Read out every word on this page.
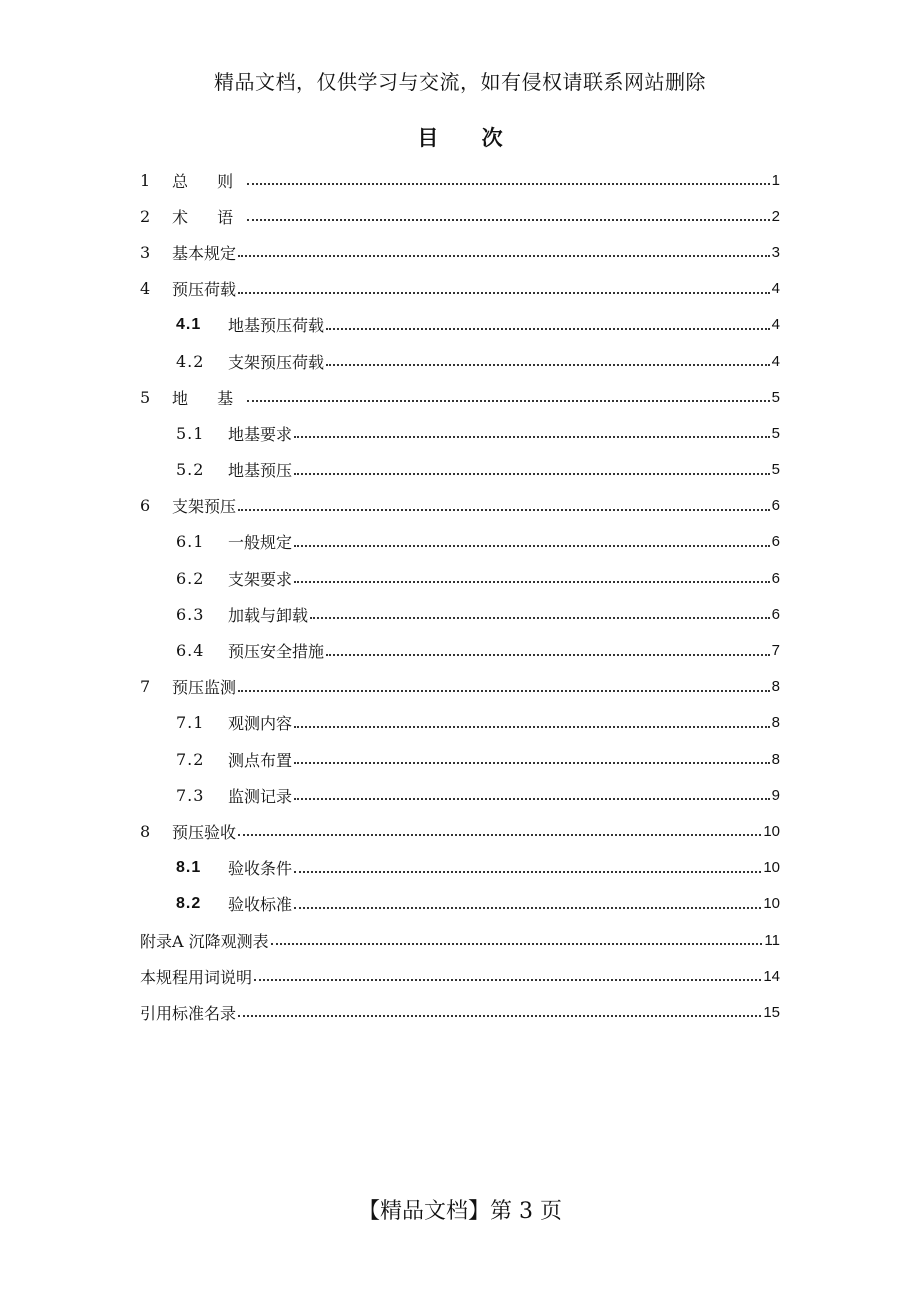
精品文档，仅供学习与交流，如有侵权请联系网站删除
目 次
1	总 则	1
2	术 语	2
3	基本规定	3
4	预压荷载	4
4.1	地基预压荷载	4
4.2	支架预压荷载	4
5	地 基	5
5.1	地基要求	5
5.2	地基预压	5
6	支架预压	6
6.1	一般规定	6
6.2	支架要求	6
6.3	加载与卸载	6
6.4	预压安全措施	7
7	预压监测	8
7.1	观测内容	8
7.2	测点布置	8
7.3	监测记录	9
8	预压验收	10
8.1	验收条件	10
8.2	验收标准	10
附录A 沉降观测表	11
本规程用词说明	14
引用标准名录	15
【精品文档】第 3 页
